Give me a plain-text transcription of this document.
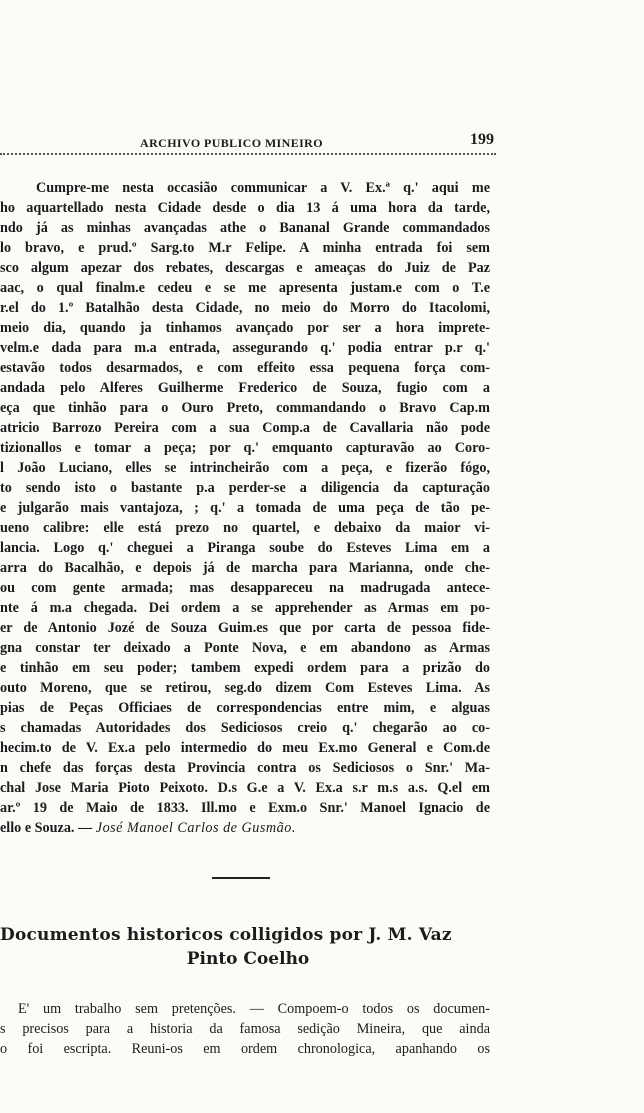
ARCHIVO PUBLICO MINEIRO	199
Cumpre-me nesta occasião communicar a V. Ex.ª q.' aqui me
ho aquartellado nesta Cidade desde o dia 13 á uma hora da tarde,
ndo já as minhas avançadas athe o Bananal Grande commandados
lo bravo, e prud.º Sarg.to M.r Felipe. A minha entrada foi sem
sco algum apezar dos rebates, descargas e ameaças do Juiz de Paz
aac, o qual finalm.e cedeu e se me apresenta justam.e com o T.e
r.el do 1.º Batalhão desta Cidade, no meio do Morro do Itacolomi,
meio dia, quando ja tinhamos avançado por ser a hora imprete-
velm.e dada para m.a entrada, assegurando q.' podia entrar p.r q.'
estavão todos desarmados, e com effeito essa pequena força com-
andada pelo Alferes Guilherme Frederico de Souza, fugio com a
eça que tinhão para o Ouro Preto, commandando o Bravo Cap.m
atricio Barrozo Pereira com a sua Comp.a de Cavallaria não pode
tizionallos e tomar a peça; por q.' emquanto capturavão ao Coro-
l João Luciano, elles se intrincheirão com a peça, e fizerão fógo,
to sendo isto o bastante p.a perder-se a diligencia da capturação
e julgarão mais vantajoza, ; q.' a tomada de uma peça de tão pe-
ueno calibre: elle está prezo no quartel, e debaixo da maior vi-
lancia. Logo q.' cheguei a Piranga soube do Esteves Lima em a
arra do Bacalhão, e depois já de marcha para Marianna, onde che-
ou com gente armada; mas desappareceu na madrugada antece-
nte á m.a chegada. Dei ordem a se apprehender as Armas em po-
er de Antonio Jozé de Souza Guim.es que por carta de pessoa fide-
gna constar ter deixado a Ponte Nova, e em abandono as Armas
e tinhão em seu poder; tambem expedi ordem para a prizão do
outo Moreno, que se retirou, seg.do dizem Com Esteves Lima. As
pias de Peças Officiaes de correspondencias entre mim, e alguas
s chamadas Autoridades dos Sediciosos creio q.' chegarão ao co-
hecim.to de V. Ex.a pelo intermedio do meu Ex.mo General e Com.de
n chefe das forças desta Provincia contra os Sediciosos o Snr.' Ma-
chal Jose Maria Pioto Peixoto. D.s G.e a V. Ex.a s.r m.s a.s. Q.el em
ar.º 19 de Maio de 1833. Ill.mo e Exm.o Snr.' Manoel Ignacio de
ello e Souza. — José Manoel Carlos de Gusmão.
Documentos historicos colligidos por J. M. Vaz
Pinto Coelho
E' um trabalho sem pretenções. — Compoem-o todos os documen-
s precisos para a historia da famosa sedição Mineira, que ainda
o foi escripta. Reuni-os em ordem chronologica, apanhando os
